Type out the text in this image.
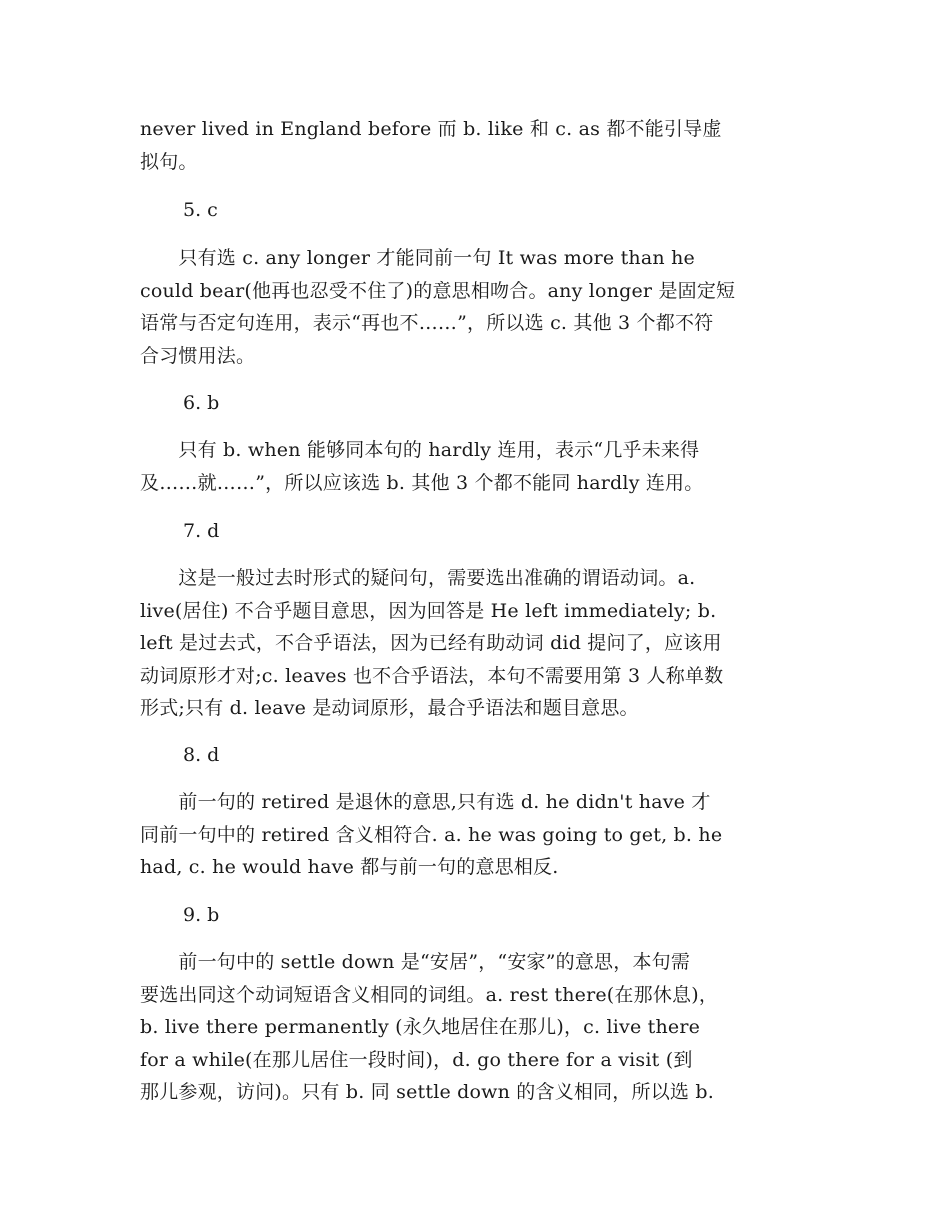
never lived in England before 而 b. like 和 c. as 都不能引导虚
拟句。
5. c
　　只有选 c. any longer 才能同前一句 It was more than he
could bear(他再也忍受不住了)的意思相吻合。any longer 是固定短
语常与否定句连用，表示“再也不……”，所以选 c. 其他 3 个都不符
合习惯用法。
6. b
　　只有 b. when 能够同本句的 hardly 连用，表示“几乎未来得
及……就……”，所以应该选 b. 其他 3 个都不能同 hardly 连用。
7. d
　　这是一般过去时形式的疑问句，需要选出准确的谓语动词。a.
live(居住) 不合乎题目意思，因为回答是 He left immediately; b.
left 是过去式，不合乎语法，因为已经有助动词 did 提问了，应该用
动词原形才对;c. leaves 也不合乎语法，本句不需要用第 3 人称单数
形式;只有 d. leave 是动词原形，最合乎语法和题目意思。
8. d
　　前一句的 retired 是退休的意思,只有选 d. he didn't have 才
同前一句中的 retired 含义相符合. a. he was going to get, b. he
had, c. he would have 都与前一句的意思相反.
9. b
　　前一句中的 settle down 是“安居”，“安家”的意思，本句需
要选出同这个动词短语含义相同的词组。a. rest there(在那休息)，
b. live there permanently (永久地居住在那儿)，c. live there
for a while(在那儿居住一段时间)，d. go there for a visit (到
那儿参观，访问)。只有 b. 同 settle down 的含义相同，所以选 b.
